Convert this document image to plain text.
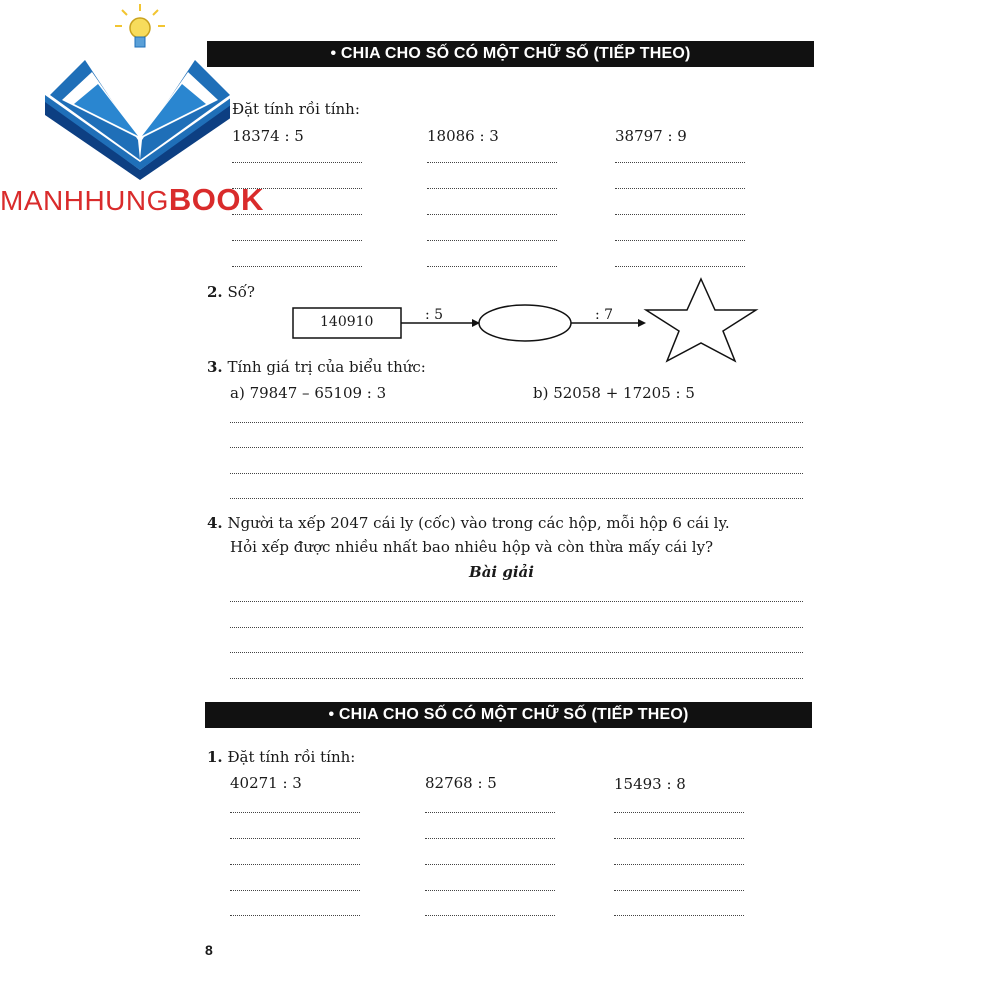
MANHHUNGBOOK
• CHIA CHO SỐ CÓ MỘT CHỮ SỐ (TIẾP THEO)
Đặt tính rồi tính:
18374 : 5	18086 : 3	38797 : 9
2. Số?
140910	: 5	: 7
3. Tính giá trị của biểu thức:
a) 79847 – 65109 : 3	b) 52058 + 17205 : 5
4. Người ta xếp 2047 cái ly (cốc) vào trong các hộp, mỗi hộp 6 cái ly.
Hỏi xếp được nhiều nhất bao nhiêu hộp và còn thừa mấy cái ly?
Bài giải
• CHIA CHO SỐ CÓ MỘT CHỮ SỐ (TIẾP THEO)
1. Đặt tính rồi tính:
40271 : 3	82768 : 5	15493 : 8
8
